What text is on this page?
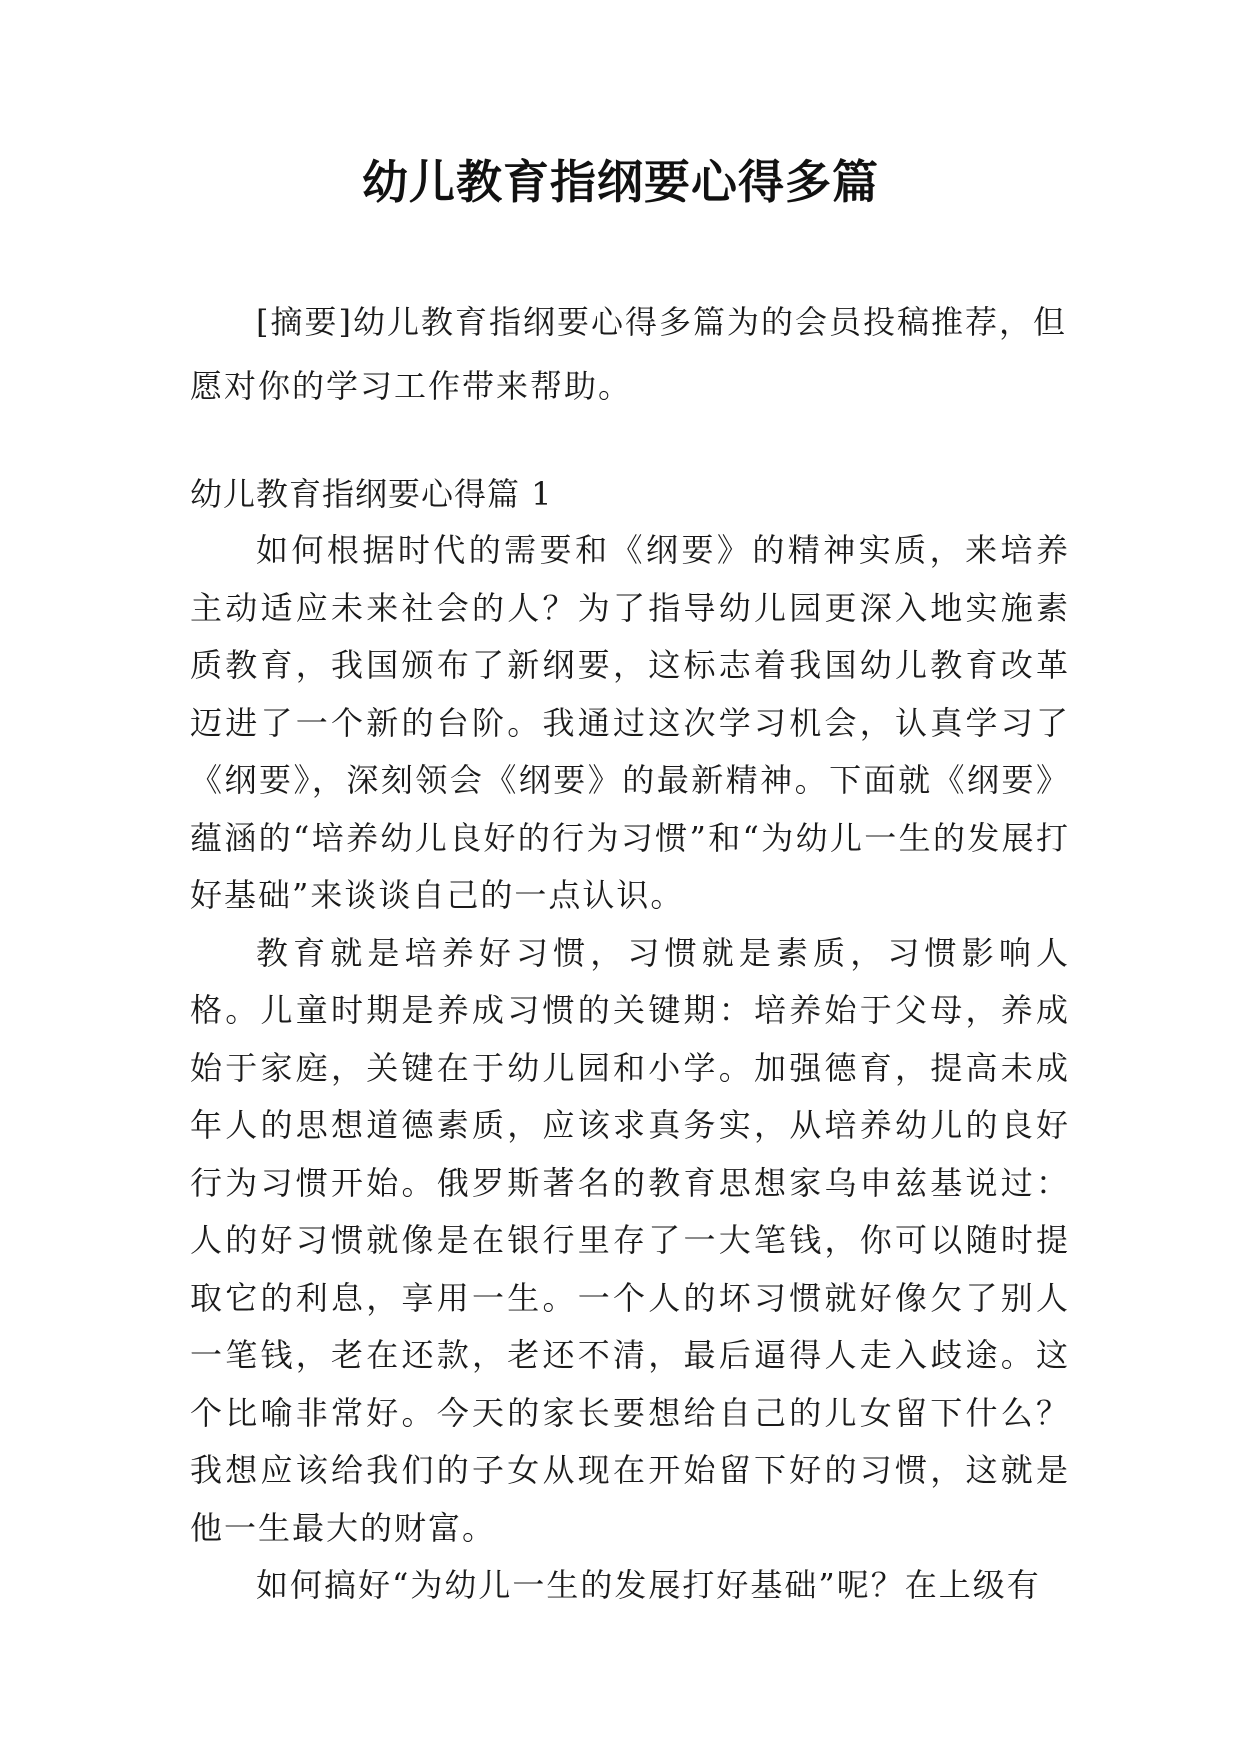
幼儿教育指纲要心得多篇

[摘要]幼儿教育指纲要心得多篇为的会员投稿推荐，但愿对你的学习工作带来帮助。

幼儿教育指纲要心得篇 1

如何根据时代的需要和《纲要》的精神实质，来培养主动适应未来社会的人？为了指导幼儿园更深入地实施素质教育，我国颁布了新纲要，这标志着我国幼儿教育改革迈进了一个新的台阶。我通过这次学习机会，认真学习了《纲要》，深刻领会《纲要》的最新精神。下面就《纲要》蕴涵的“培养幼儿良好的行为习惯”和“为幼儿一生的发展打好基础”来谈谈自己的一点认识。

教育就是培养好习惯，习惯就是素质，习惯影响人格。儿童时期是养成习惯的关键期：培养始于父母，养成始于家庭，关键在于幼儿园和小学。加强德育，提高未成年人的思想道德素质，应该求真务实，从培养幼儿的良好行为习惯开始。俄罗斯著名的教育思想家乌申兹基说过：人的好习惯就像是在银行里存了一大笔钱，你可以随时提取它的利息，享用一生。一个人的坏习惯就好像欠了别人一笔钱，老在还款，老还不清，最后逼得人走入歧途。这个比喻非常好。今天的家长要想给自己的儿女留下什么？我想应该给我们的子女从现在开始留下好的习惯，这就是他一生最大的财富。

如何搞好“为幼儿一生的发展打好基础”呢？在上级有
